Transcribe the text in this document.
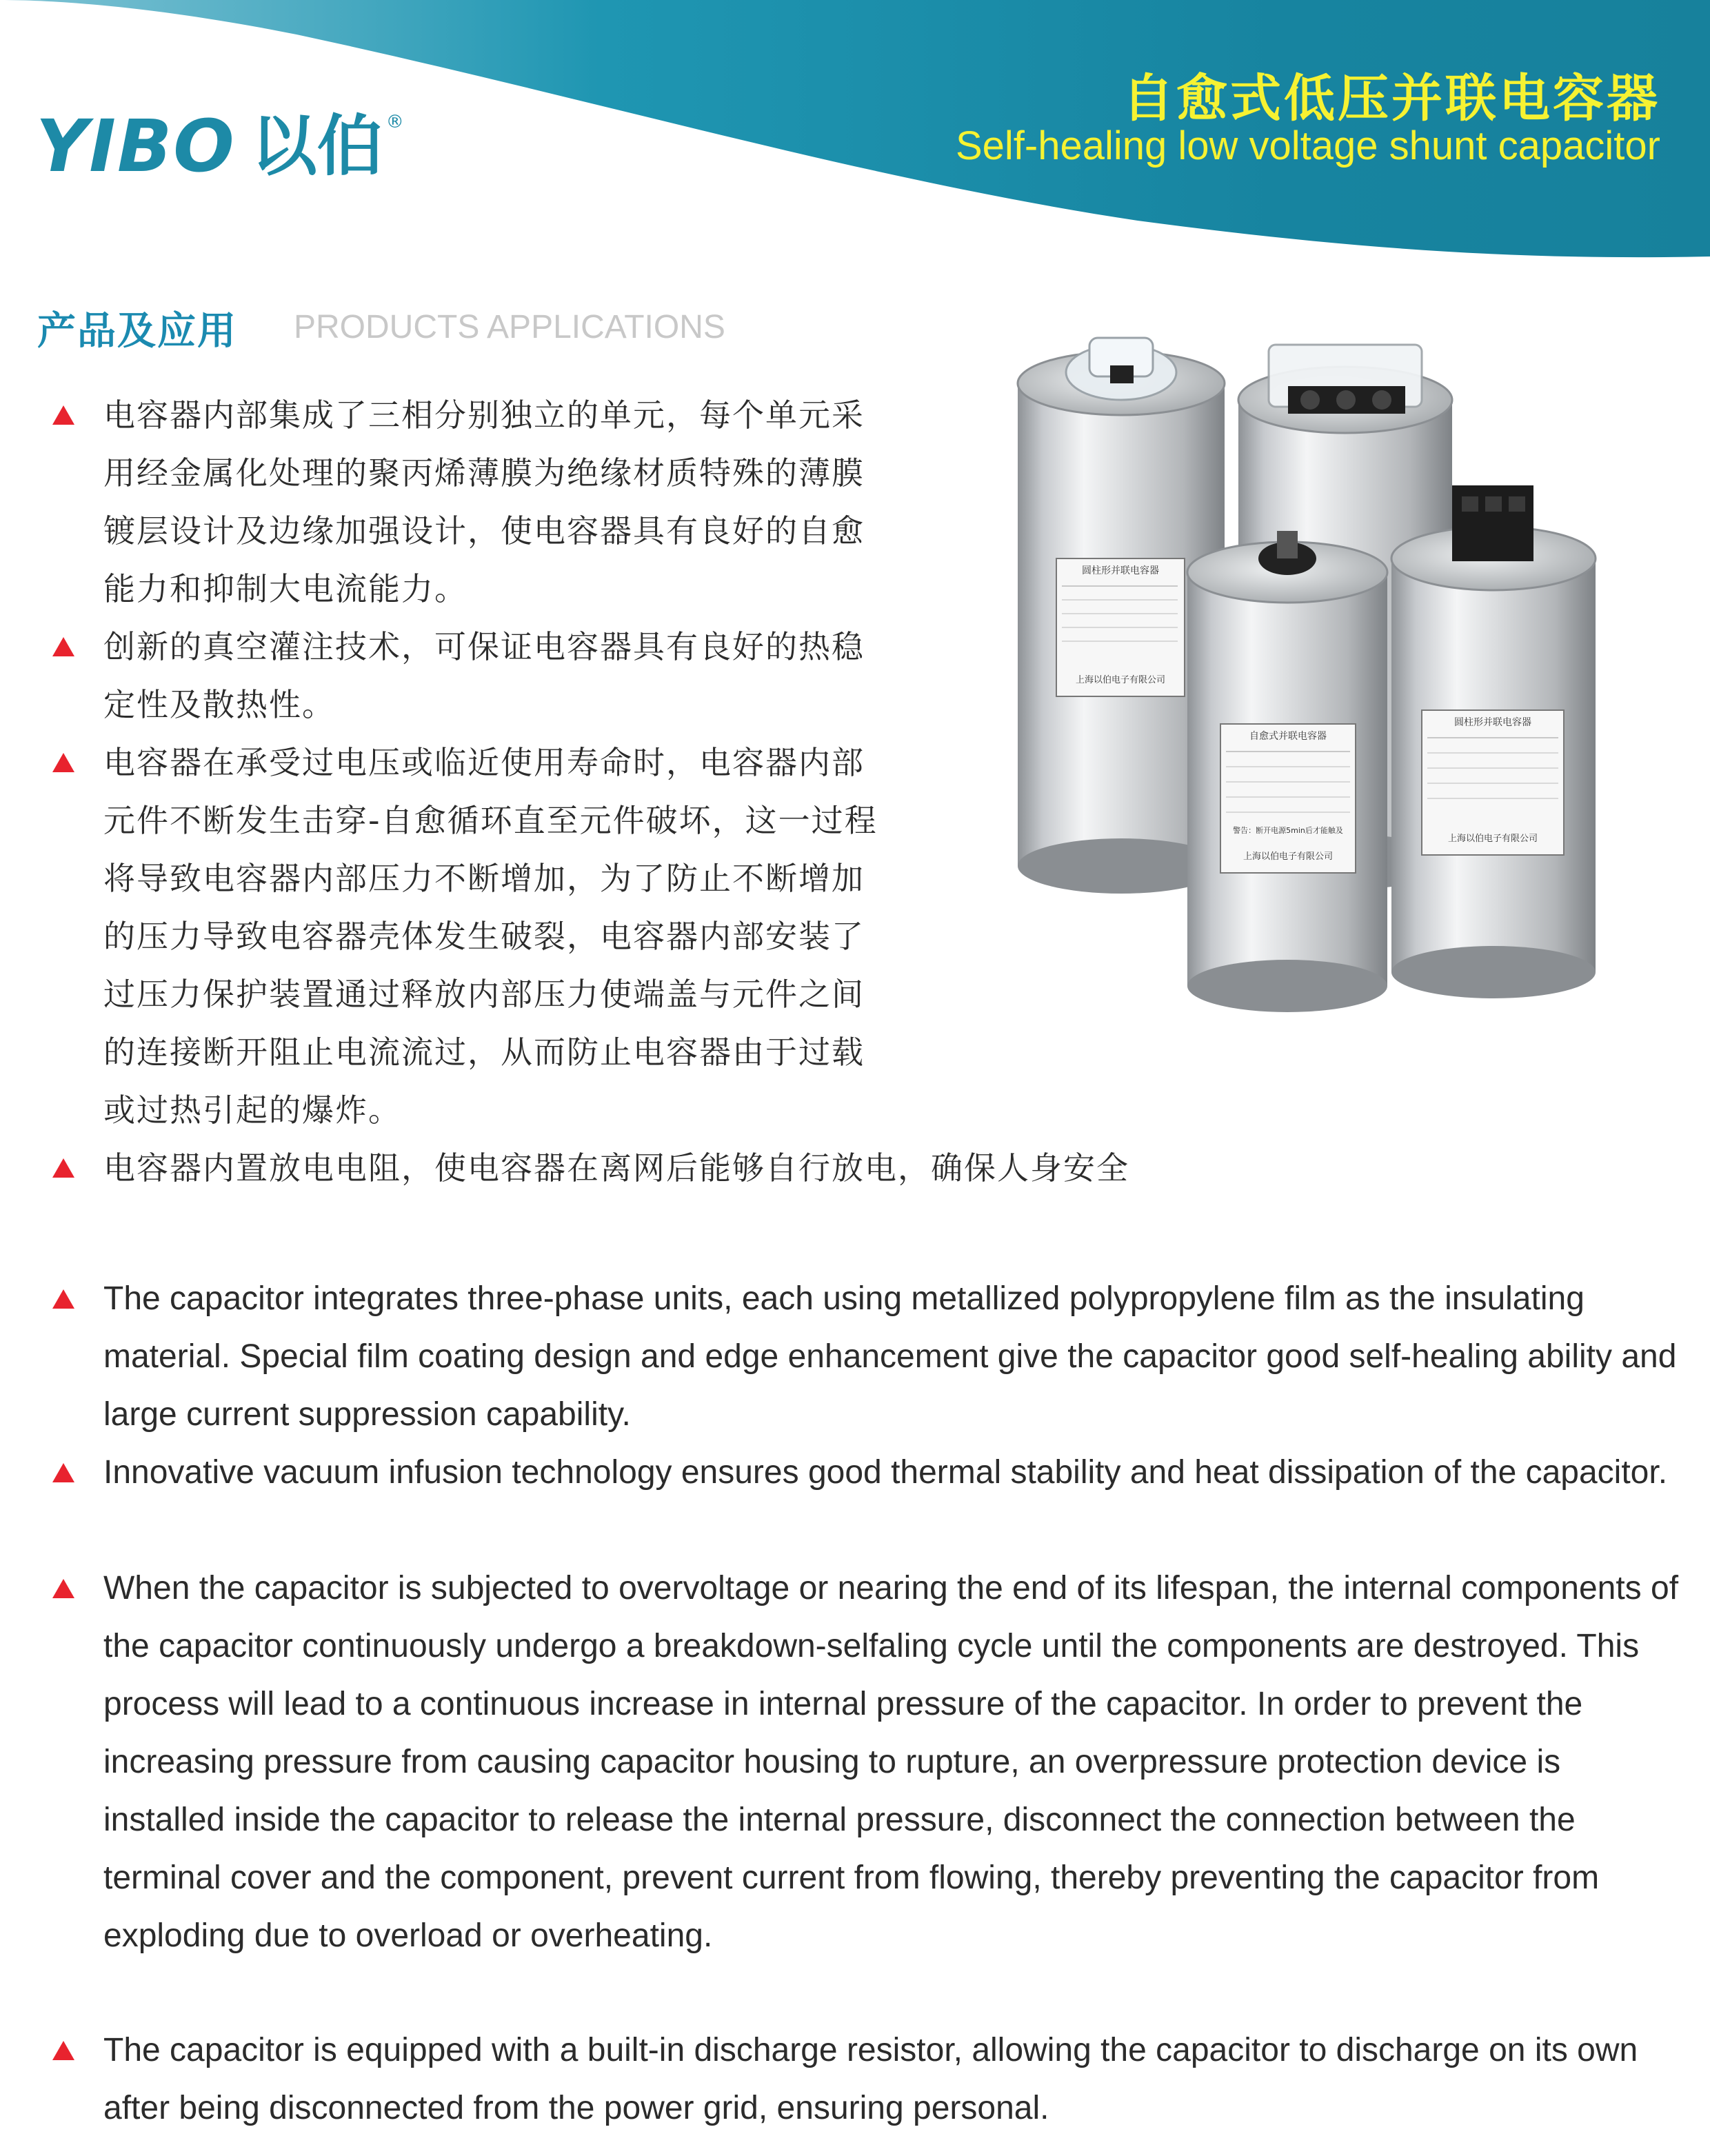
YIBO 以伯 ®	自愈式低压并联电容器
Self-healing low voltage shunt capacitor
产品及应用 PRODUCTS APPLICATIONS
电容器内部集成了三相分别独立的单元，每个单元采用经金属化处理的聚丙烯薄膜为绝缘材质特殊的薄膜镀层设计及边缘加强设计，使电容器具有良好的自愈能力和抑制大电流能力。
创新的真空灌注技术，可保证电容器具有良好的热稳定性及散热性。
电容器在承受过电压或临近使用寿命时，电容器内部元件不断发生击穿-自愈循环直至元件破坏，这一过程将导致电容器内部压力不断增加，为了防止不断增加的压力导致电容器壳体发生破裂，电容器内部安装了过压力保护装置通过释放内部压力使端盖与元件之间的连接断开阻止电流流过，从而防止电容器由于过载或过热引起的爆炸。
电容器内置放电电阻，使电容器在离网后能够自行放电，确保人身安全
The capacitor integrates three-phase units, each using metallized polypropylene film as the insulating material. Special film coating design and edge enhancement give the capacitor good self-healing ability and large current suppression capability.
Innovative vacuum infusion technology ensures good thermal stability and heat dissipation of the capacitor.
When the capacitor is subjected to overvoltage or nearing the end of its lifespan, the internal components of the capacitor continuously undergo a breakdown-selfaling cycle until the components are destroyed. This process will lead to a continuous increase in internal pressure of the capacitor. In order to prevent the increasing pressure from causing capacitor housing to rupture, an overpressure protection device is installed inside the capacitor to release the internal pressure, disconnect the connection between the terminal cover and the component, prevent current from flowing, thereby preventing the capacitor from exploding due to overload or overheating.
The capacitor is equipped with a built-in discharge resistor, allowing the capacitor to discharge on its own after being disconnected from the power grid, ensuring personal.
圆柱形并联电容器
上海以伯电子有限公司
自愈式并联电容器
警告：断开电源5min后才能触及
上海以伯电子有限公司
圆柱形并联电容器
上海以伯电子有限公司
